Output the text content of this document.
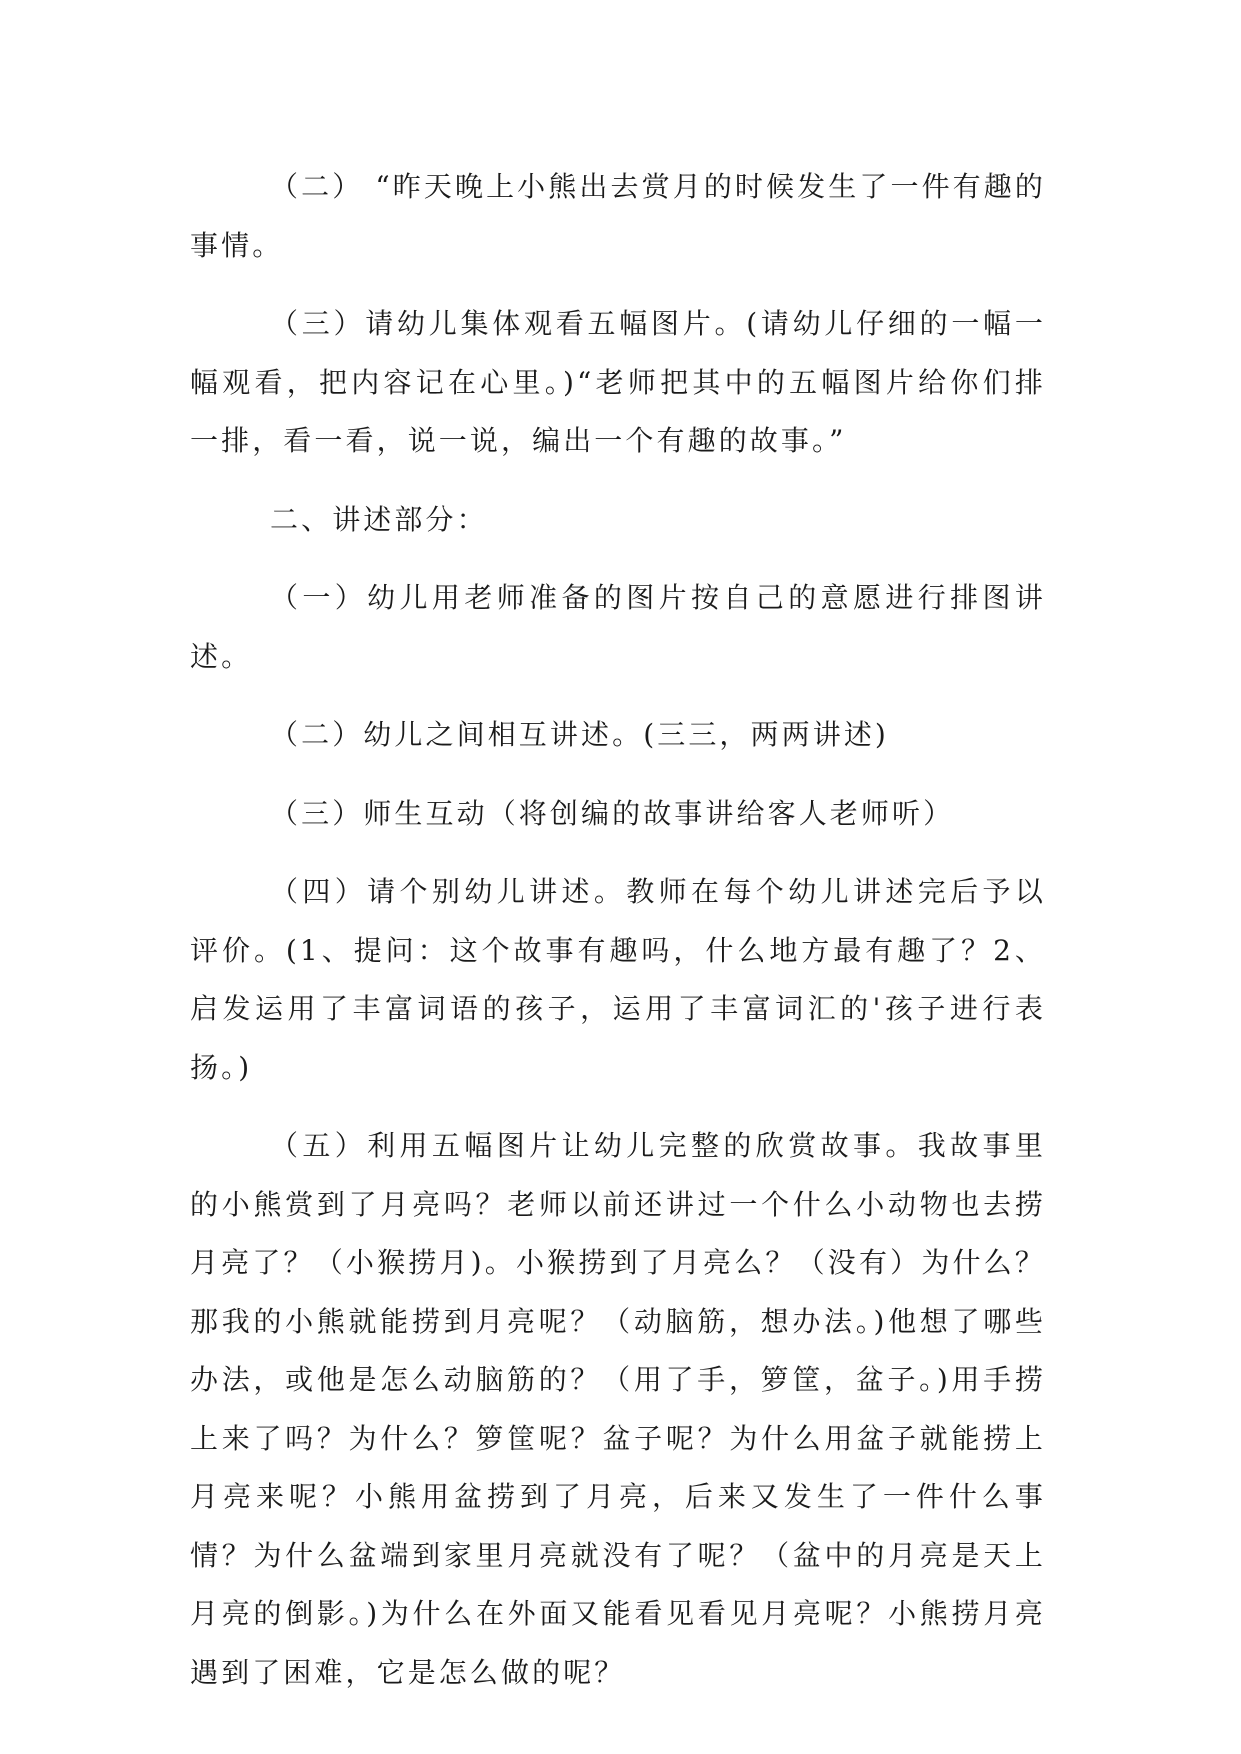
（二） “昨天晚上小熊出去赏月的时候发生了一件有趣的事情。

（三）请幼儿集体观看五幅图片。(请幼儿仔细的一幅一幅观看，把内容记在心里。)“老师把其中的五幅图片给你们排一排，看一看，说一说，编出一个有趣的故事。”

二、讲述部分：

（一）幼儿用老师准备的图片按自己的意愿进行排图讲述。

（二）幼儿之间相互讲述。(三三，两两讲述)

（三）师生互动（将创编的故事讲给客人老师听）

（四）请个别幼儿讲述。教师在每个幼儿讲述完后予以评价。(1、提问：这个故事有趣吗，什么地方最有趣了？2、启发运用了丰富词语的孩子，运用了丰富词汇的'孩子进行表扬。)

（五）利用五幅图片让幼儿完整的欣赏故事。我故事里的小熊赏到了月亮吗？老师以前还讲过一个什么小动物也去捞月亮了？（小猴捞月)。小猴捞到了月亮么？（没有）为什么？那我的小熊就能捞到月亮呢？（动脑筋，想办法。)他想了哪些办法，或他是怎么动脑筋的？（用了手，箩筐，盆子。)用手捞上来了吗？为什么？箩筐呢？盆子呢？为什么用盆子就能捞上月亮来呢？小熊用盆捞到了月亮，后来又发生了一件什么事情？为什么盆端到家里月亮就没有了呢？（盆中的月亮是天上月亮的倒影。)为什么在外面又能看见看见月亮呢？小熊捞月亮遇到了困难，它是怎么做的呢？
